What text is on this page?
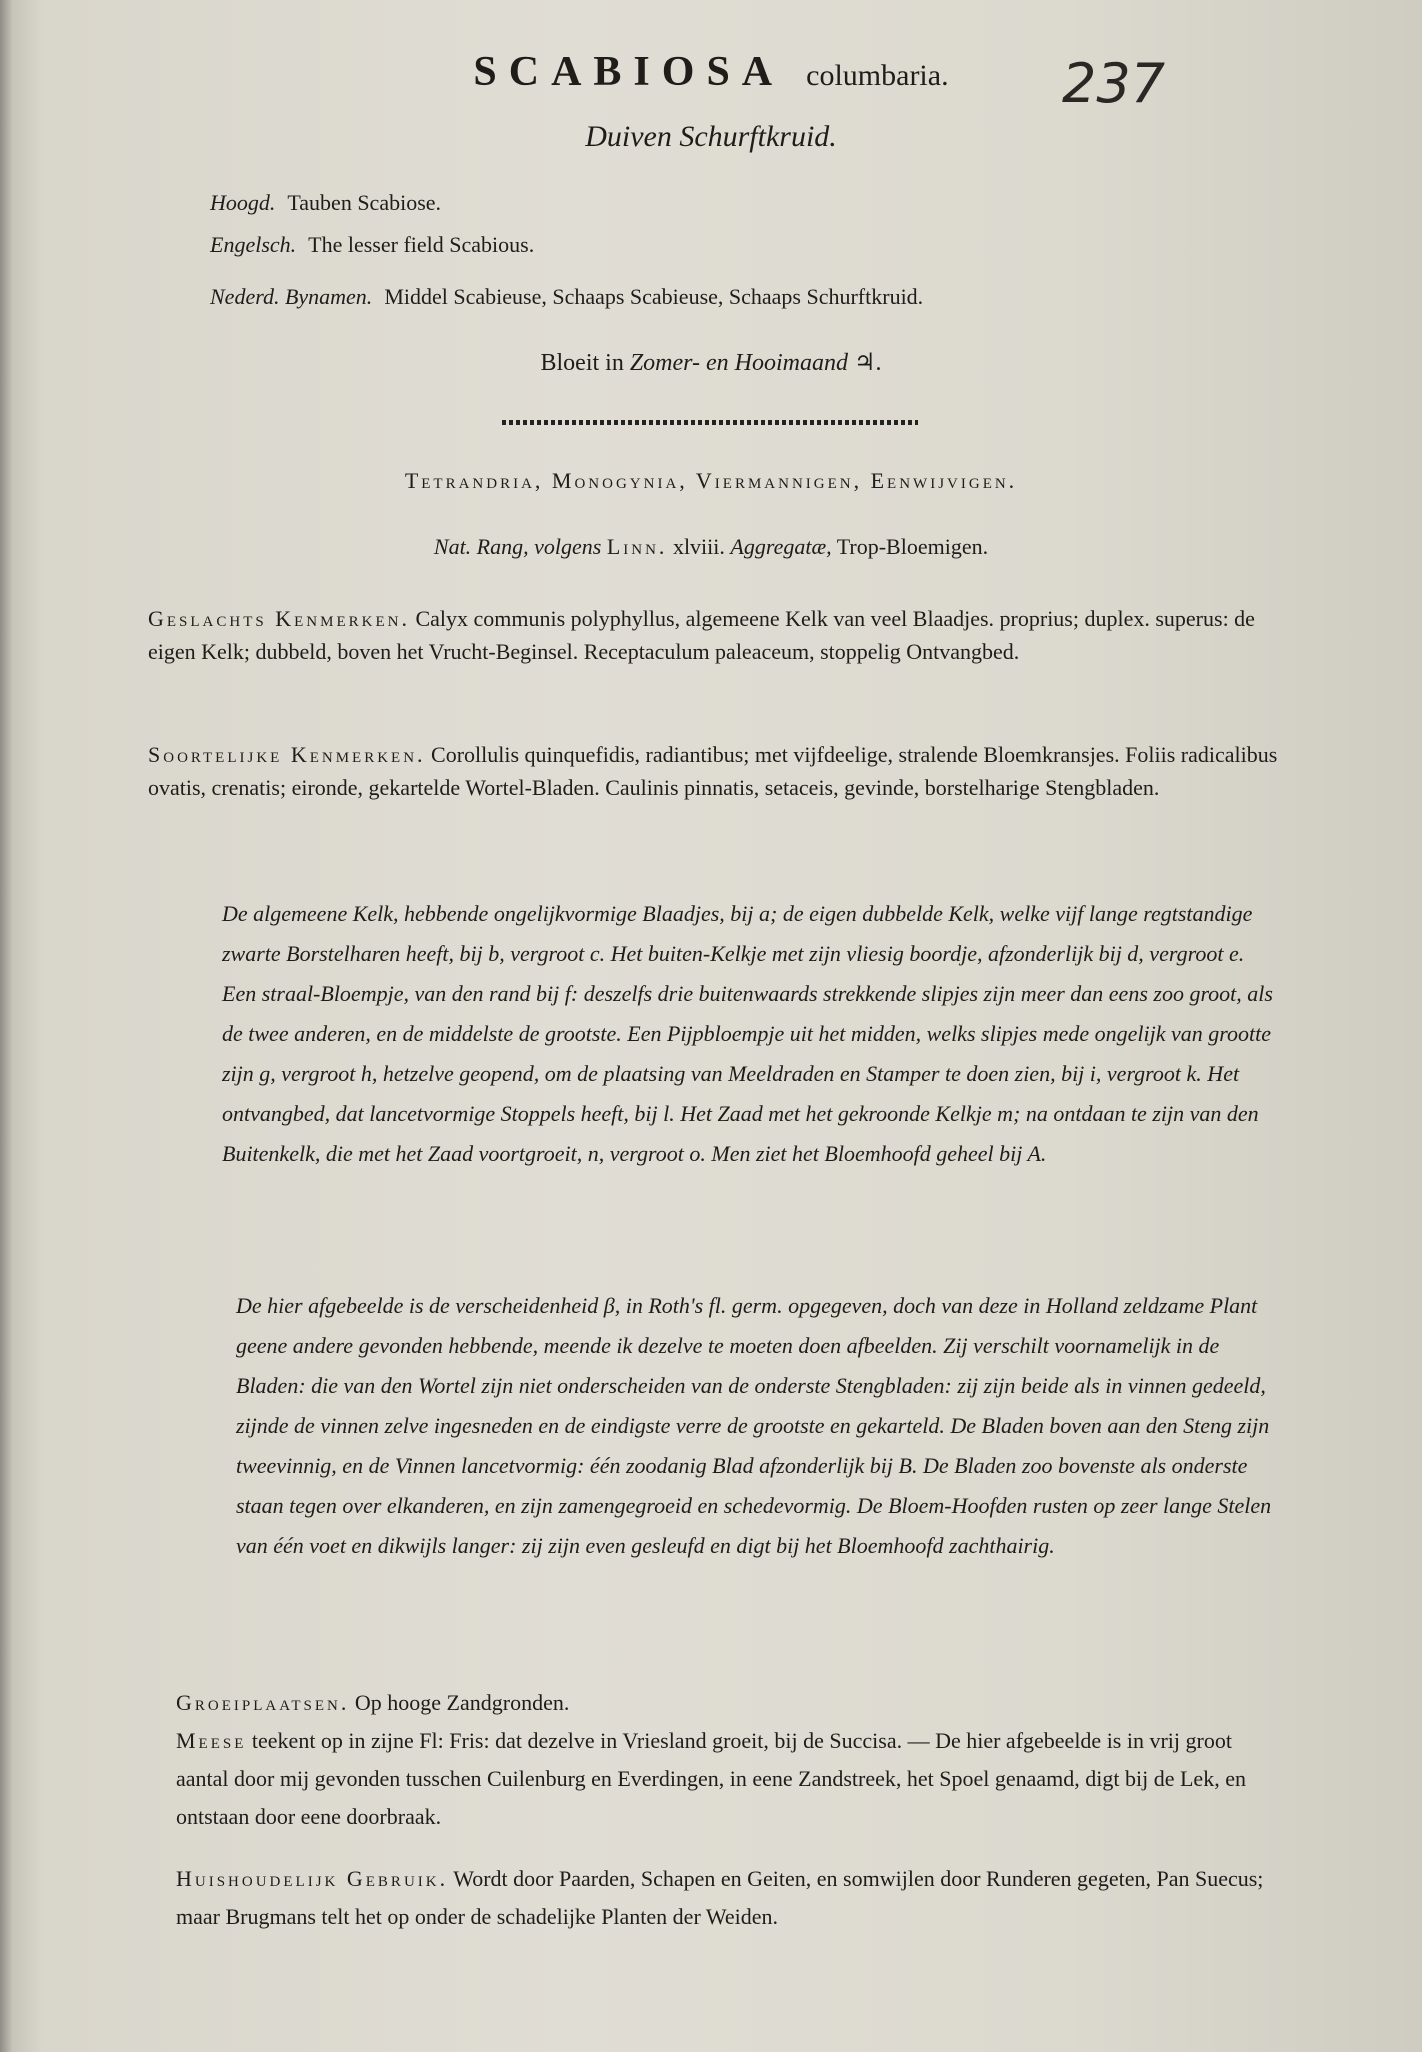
SCABIOSA columbaria.	237
Duiven Schurftkruid.
Hoogd. Tauben Scabiose.
Engelsch. The lesser field Scabious.
Nederd. Bynamen. Middel Scabieuse, Schaaps Scabieuse, Schaaps Schurftkruid.
Bloeit in Zomer- en Hooimaand ♃.
Tetrandria, Monogynia, Viermannigen, Eenwijvigen.
Nat. Rang, volgens Linn. xlviii. Aggregatæ, Trop-Bloemigen.
Geslachts Kenmerken. Calyx communis polyphyllus, algemeene Kelk van veel Blaadjes. proprius; duplex. superus: de eigen Kelk; dubbeld, boven het Vrucht-Beginsel. Receptaculum paleaceum, stoppelig Ontvangbed.
Soortelijke Kenmerken. Corollulis quinquefidis, radiantibus; met vijfdeelige, stralende Bloemkransjes. Foliis radicalibus ovatis, crenatis; eironde, gekartelde Wortel-Bladen. Caulinis pinnatis, setaceis, gevinde, borstelharige Stengbladen.
De algemeene Kelk, hebbende ongelijkvormige Blaadjes, bij a; de eigen dubbelde Kelk, welke vijf lange regtstandige zwarte Borstelharen heeft, bij b, vergroot c. Het buiten-Kelkje met zijn vliesig boordje, afzonderlijk bij d, vergroot e. Een straal-Bloempje, van den rand bij f: deszelfs drie buitenwaards strekkende slipjes zijn meer dan eens zoo groot, als de twee anderen, en de middelste de grootste. Een Pijpbloempje uit het midden, welks slipjes mede ongelijk van grootte zijn g, vergroot h, hetzelve geopend, om de plaatsing van Meeldraden en Stamper te doen zien, bij i, vergroot k. Het ontvangbed, dat lancetvormige Stoppels heeft, bij l. Het Zaad met het gekroonde Kelkje m; na ontdaan te zijn van den Buitenkelk, die met het Zaad voortgroeit, n, vergroot o. Men ziet het Bloemhoofd geheel bij A.
De hier afgebeelde is de verscheidenheid β, in Roth's fl. germ. opgegeven, doch van deze in Holland zeldzame Plant geene andere gevonden hebbende, meende ik dezelve te moeten doen afbeelden. Zij verschilt voornamelijk in de Bladen: die van den Wortel zijn niet onderscheiden van de onderste Stengbladen: zij zijn beide als in vinnen gedeeld, zijnde de vinnen zelve ingesneden en de eindigste verre de grootste en gekarteld. De Bladen boven aan den Steng zijn tweevinnig, en de Vinnen lancetvormig: één zoodanig Blad afzonderlijk bij B. De Bladen zoo bovenste als onderste staan tegen over elkanderen, en zijn zamengegroeid en schedevormig. De Bloem-Hoofden rusten op zeer lange Stelen van één voet en dikwijls langer: zij zijn even gesleufd en digt bij het Bloemhoofd zachthairig.
Groeiplaatsen. Op hooge Zandgronden.
Meese teekent op in zijne Fl: Fris: dat dezelve in Vriesland groeit, bij de Succisa. — De hier afgebeelde is in vrij groot aantal door mij gevonden tusschen Cuilenburg en Everdingen, in eene Zandstreek, het Spoel genaamd, digt bij de Lek, en ontstaan door eene doorbraak.
Huishoudelijk Gebruik. Wordt door Paarden, Schapen en Geiten, en somwijlen door Runderen gegeten, Pan Suecus; maar Brugmans telt het op onder de schadelijke Planten der Weiden.
